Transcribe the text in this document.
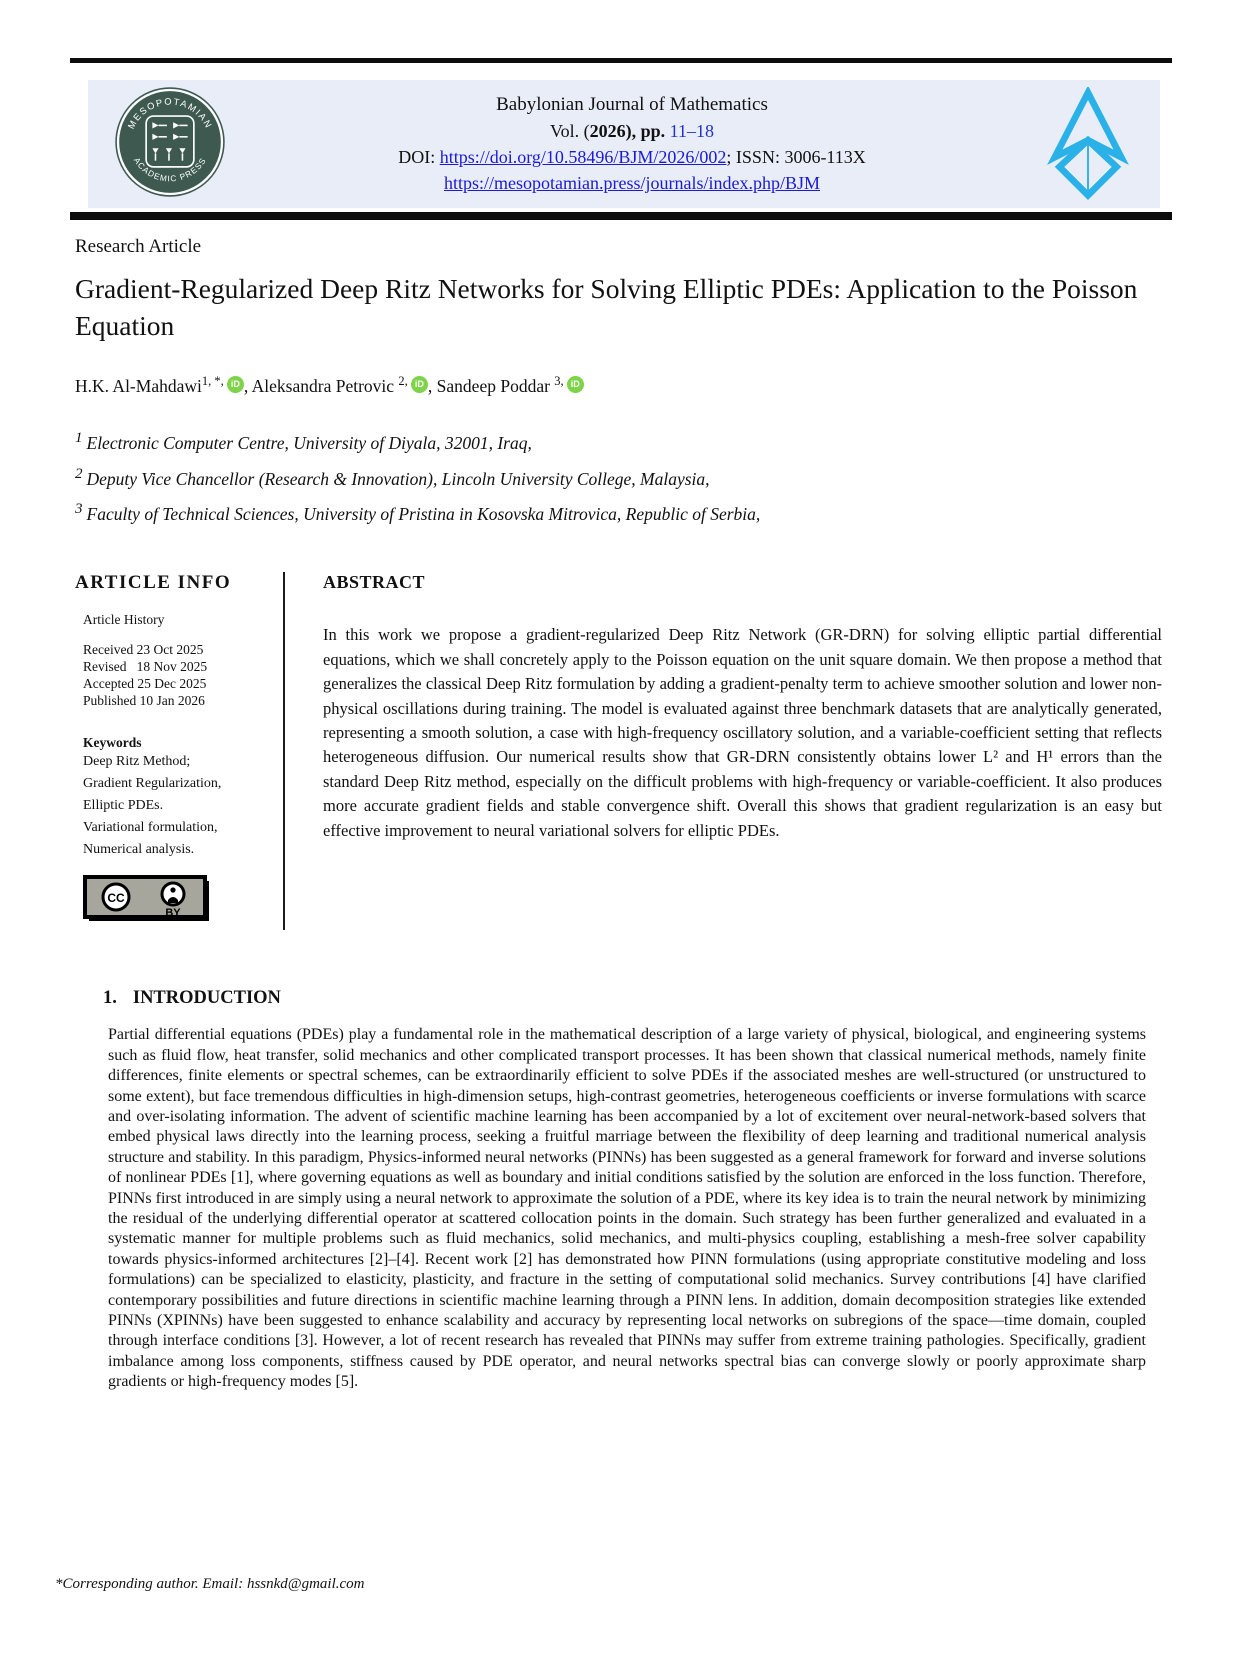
MESOPOTAMIAN
ACADEMIC PRESS
Babylonian Journal of Mathematics
Vol. (2026), pp. 11–18
DOI: https://doi.org/10.58496/BJM/2026/002; ISSN: 3006-113X
https://mesopotamian.press/journals/index.php/BJM
Research Article
Gradient-Regularized Deep Ritz Networks for Solving Elliptic PDEs: Application to the Poisson Equation
H.K. Al-Mahdawi$^{1, *, iD}$ , Aleksandra Petrovic $^{2, iD}$ , Sandeep Poddar $^{3, iD}$
$^1$ Electronic Computer Centre, University of Diyala, 32001, Iraq,
$^2$ Deputy Vice Chancellor (Research & Innovation), Lincoln University College, Malaysia,
$^3$ Faculty of Technical Sciences, University of Pristina in Kosovska Mitrovica, Republic of Serbia,
ARTICLE INFO
Article History
Received 23 Oct 2025
Revised   18 Nov 2025
Accepted 25 Dec 2025
Published 10 Jan 2026
Keywords
Deep Ritz Method;
Gradient Regularization,
Elliptic PDEs.
Variational formulation,
Numerical analysis.
CC
BY
ABSTRACT
In this work we propose a gradient-regularized Deep Ritz Network (GR-DRN) for solving elliptic partial differential equations, which we shall concretely apply to the Poisson equation on the unit square domain. We then propose a method that generalizes the classical Deep Ritz formulation by adding a gradient-penalty term to achieve smoother solution and lower non-physical oscillations during training. The model is evaluated against three benchmark datasets that are analytically generated, representing a smooth solution, a case with high-frequency oscillatory solution, and a variable-coefficient setting that reflects heterogeneous diffusion. Our numerical results show that GR-DRN consistently obtains lower L² and H¹ errors than the standard Deep Ritz method, especially on the difficult problems with high-frequency or variable-coefficient. It also produces more accurate gradient fields and stable convergence shift. Overall this shows that gradient regularization is an easy but effective improvement to neural variational solvers for elliptic PDEs.
1. INTRODUCTION
Partial differential equations (PDEs) play a fundamental role in the mathematical description of a large variety of physical, biological, and engineering systems such as fluid flow, heat transfer, solid mechanics and other complicated transport processes. It has been shown that classical numerical methods, namely finite differences, finite elements or spectral schemes, can be extraordinarily efficient to solve PDEs if the associated meshes are well-structured (or unstructured to some extent), but face tremendous difficulties in high-dimension setups, high-contrast geometries, heterogeneous coefficients or inverse formulations with scarce and over-isolating information. The advent of scientific machine learning has been accompanied by a lot of excitement over neural-network-based solvers that embed physical laws directly into the learning process, seeking a fruitful marriage between the flexibility of deep learning and traditional numerical analysis structure and stability. In this paradigm, Physics-informed neural networks (PINNs) has been suggested as a general framework for forward and inverse solutions of nonlinear PDEs [1], where governing equations as well as boundary and initial conditions satisfied by the solution are enforced in the loss function. Therefore, PINNs first introduced in are simply using a neural network to approximate the solution of a PDE, where its key idea is to train the neural network by minimizing the residual of the underlying differential operator at scattered collocation points in the domain. Such strategy has been further generalized and evaluated in a systematic manner for multiple problems such as fluid mechanics, solid mechanics, and multi-physics coupling, establishing a mesh-free solver capability towards physics-informed architectures [2]–[4]. Recent work [2] has demonstrated how PINN formulations (using appropriate constitutive modeling and loss formulations) can be specialized to elasticity, plasticity, and fracture in the setting of computational solid mechanics. Survey contributions [4] have clarified contemporary possibilities and future directions in scientific machine learning through a PINN lens. In addition, domain decomposition strategies like extended PINNs (XPINNs) have been suggested to enhance scalability and accuracy by representing local networks on subregions of the space—time domain, coupled through interface conditions [3]. However, a lot of recent research has revealed that PINNs may suffer from extreme training pathologies. Specifically, gradient imbalance among loss components, stiffness caused by PDE operator, and neural networks spectral bias can converge slowly or poorly approximate sharp gradients or high-frequency modes [5].
*Corresponding author. Email: hssnkd@gmail.com
